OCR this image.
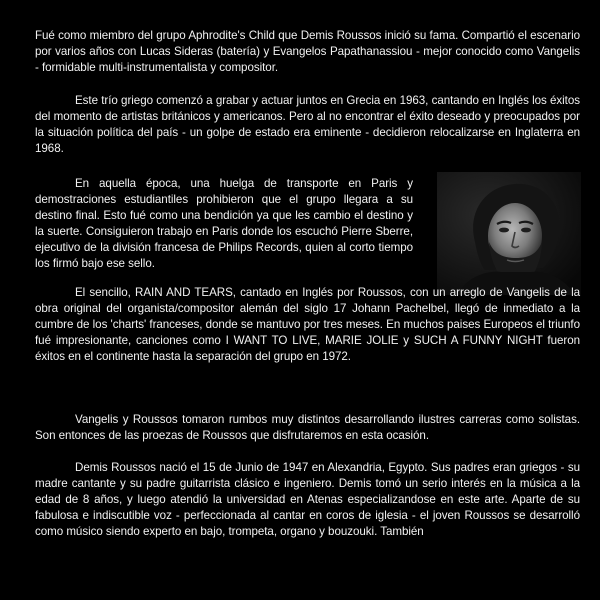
Fué como miembro del grupo Aphrodite's Child que Demis Roussos inició su fama. Compartió el escenario por varios años con Lucas Sideras (batería) y Evangelos Papathanassiou - mejor conocido como Vangelis - formidable multi-instrumentalista y compositor.

Este trío griego comenzó a grabar y actuar juntos en Grecia en 1963, cantando en Inglés los éxitos del momento de artistas británicos y americanos. Pero al no encontrar el éxito deseado y preocupados por la situación política del país - un golpe de estado era eminente - decidieron relocalizarse en Inglaterra en 1968.

En aquella época, una huelga de transporte en Paris y demostraciones estudiantiles prohibieron que el grupo llegara a su destino final. Esto fué como una bendición ya que les cambio el destino y la suerte. Consiguieron trabajo en Paris donde los escuchó Pierre Sberre, ejecutivo de la división francesa de Philips Records, quien al corto tiempo los firmó bajo ese sello.

El sencillo, RAIN AND TEARS, cantado en Inglés por Roussos, con un arreglo de Vangelis de la obra original del organista/compositor alemán del siglo 17 Johann Pachelbel, llegó de inmediato a la cumbre de los 'charts' franceses, donde se mantuvo por tres meses. En muchos paises Europeos el triunfo fué impresionante, canciones como I WANT TO LIVE, MARIE JOLIE y SUCH A FUNNY NIGHT fueron éxitos en el continente hasta la separación del grupo en 1972.

Vangelis y Roussos tomaron rumbos muy distintos desarrollando ilustres carreras como solistas. Son entonces de las proezas de Roussos que disfrutaremos en esta ocasión.

Demis Roussos nació el 15 de Junio de 1947 en Alexandria, Egypto. Sus padres eran griegos - su madre cantante y su padre guitarrista clásico e ingeniero. Demis tomó un serio interés en la música a la edad de 8 años, y luego atendió la universidad en Atenas especializandose en este arte. Aparte de su fabulosa e indiscutible voz - perfeccionada al cantar en coros de iglesia - el joven Roussos se desarrolló como músico siendo experto en bajo, trompeta, organo y bouzouki. También
